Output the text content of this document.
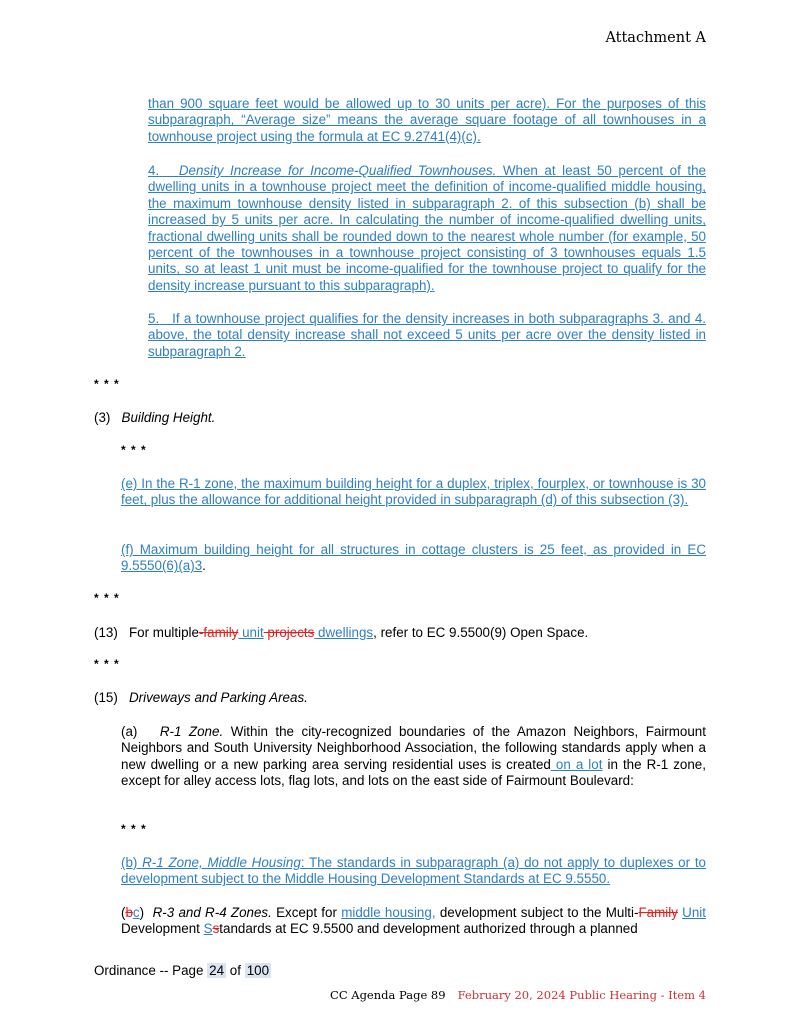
Attachment A

than 900 square feet would be allowed up to 30 units per acre). For the purposes of this subparagraph, “Average size” means the average square footage of all townhouses in a townhouse project using the formula at EC 9.2741(4)(c).

4. Density Increase for Income-Qualified Townhouses. When at least 50 percent of the dwelling units in a townhouse project meet the definition of income-qualified middle housing, the maximum townhouse density listed in subparagraph 2. of this subsection (b) shall be increased by 5 units per acre. In calculating the number of income-qualified dwelling units, fractional dwelling units shall be rounded down to the nearest whole number (for example, 50 percent of the townhouses in a townhouse project consisting of 3 townhouses equals 1.5 units, so at least 1 unit must be income-qualified for the townhouse project to qualify for the density increase pursuant to this subparagraph).

5. If a townhouse project qualifies for the density increases in both subparagraphs 3. and 4. above, the total density increase shall not exceed 5 units per acre over the density listed in subparagraph 2.

* * *

(3) Building Height.

* * *

(e) In the R-1 zone, the maximum building height for a duplex, triplex, fourplex, or townhouse is 30 feet, plus the allowance for additional height provided in subparagraph (d) of this subsection (3).

(f) Maximum building height for all structures in cottage clusters is 25 feet, as provided in EC 9.5550(6)(a)3.

* * *

(13) For multiple-family unit projects dwellings, refer to EC 9.5500(9) Open Space.

* * *

(15) Driveways and Parking Areas.

(a) R-1 Zone. Within the city-recognized boundaries of the Amazon Neighbors, Fairmount Neighbors and South University Neighborhood Association, the following standards apply when a new dwelling or a new parking area serving residential uses is created on a lot in the R-1 zone, except for alley access lots, flag lots, and lots on the east side of Fairmount Boulevard:

* * *

(b) R-1 Zone, Middle Housing: The standards in subparagraph (a) do not apply to duplexes or to development subject to the Middle Housing Development Standards at EC 9.5550.

(bc) R-3 and R-4 Zones. Except for middle housing, development subject to the Multi-Family Unit Development Sstandards at EC 9.5500 and development authorized through a planned

Ordinance -- Page 24 of 100
CC Agenda Page 89 February 20, 2024 Public Hearing - Item 4
